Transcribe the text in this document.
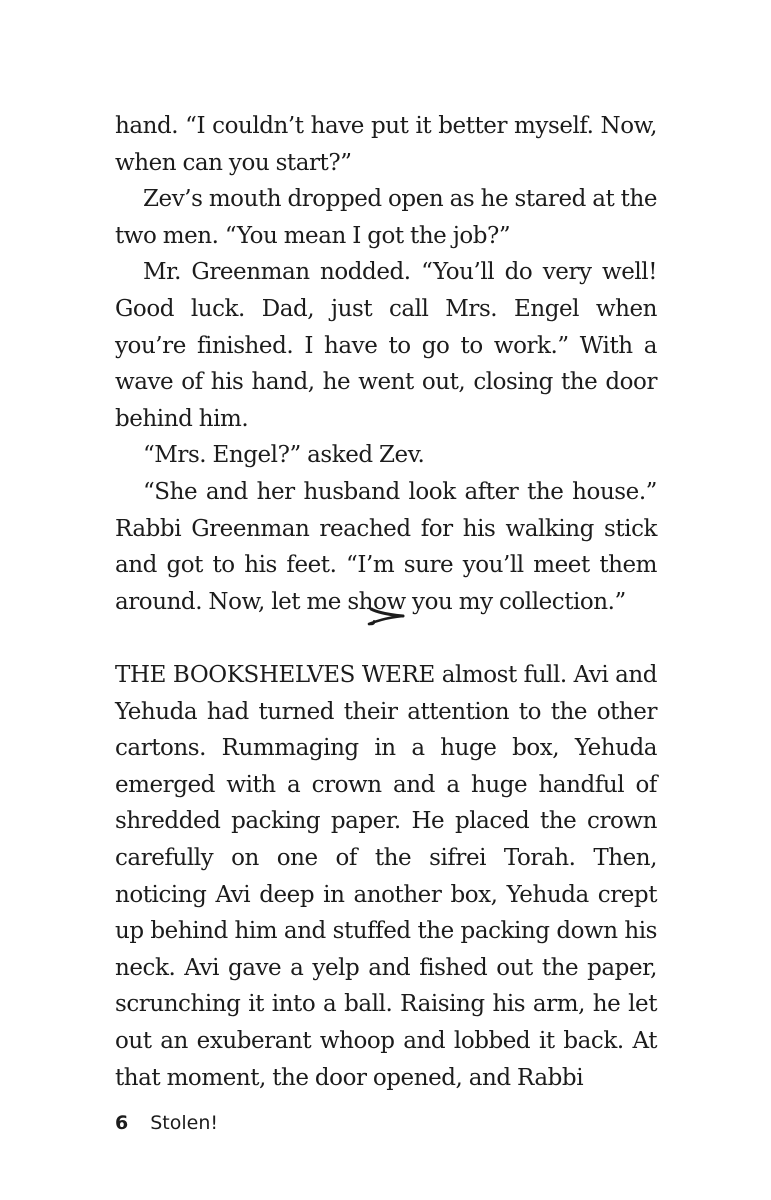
hand. “I couldn’t have put it better myself. Now, when can you start?”

Zev’s mouth dropped open as he stared at the two men. “You mean I got the job?”

Mr. Greenman nodded. “You’ll do very well! Good luck. Dad, just call Mrs. Engel when you’re finished. I have to go to work.” With a wave of his hand, he went out, closing the door behind him.

“Mrs. Engel?” asked Zev.

“She and her husband look after the house.” Rabbi Greenman reached for his walking stick and got to his feet. “I’m sure you’ll meet them around. Now, let me show you my collection.”

THE BOOKSHELVES WERE almost full. Avi and Yehuda had turned their attention to the other cartons. Rummaging in a huge box, Yehuda emerged with a crown and a huge handful of shredded packing paper. He placed the crown carefully on one of the sifrei Torah. Then, noticing Avi deep in another box, Yehuda crept up behind him and stuffed the packing down his neck. Avi gave a yelp and fished out the paper, scrunching it into a ball. Raising his arm, he let out an exuberant whoop and lobbed it back. At that moment, the door opened, and Rabbi

6 Stolen!
